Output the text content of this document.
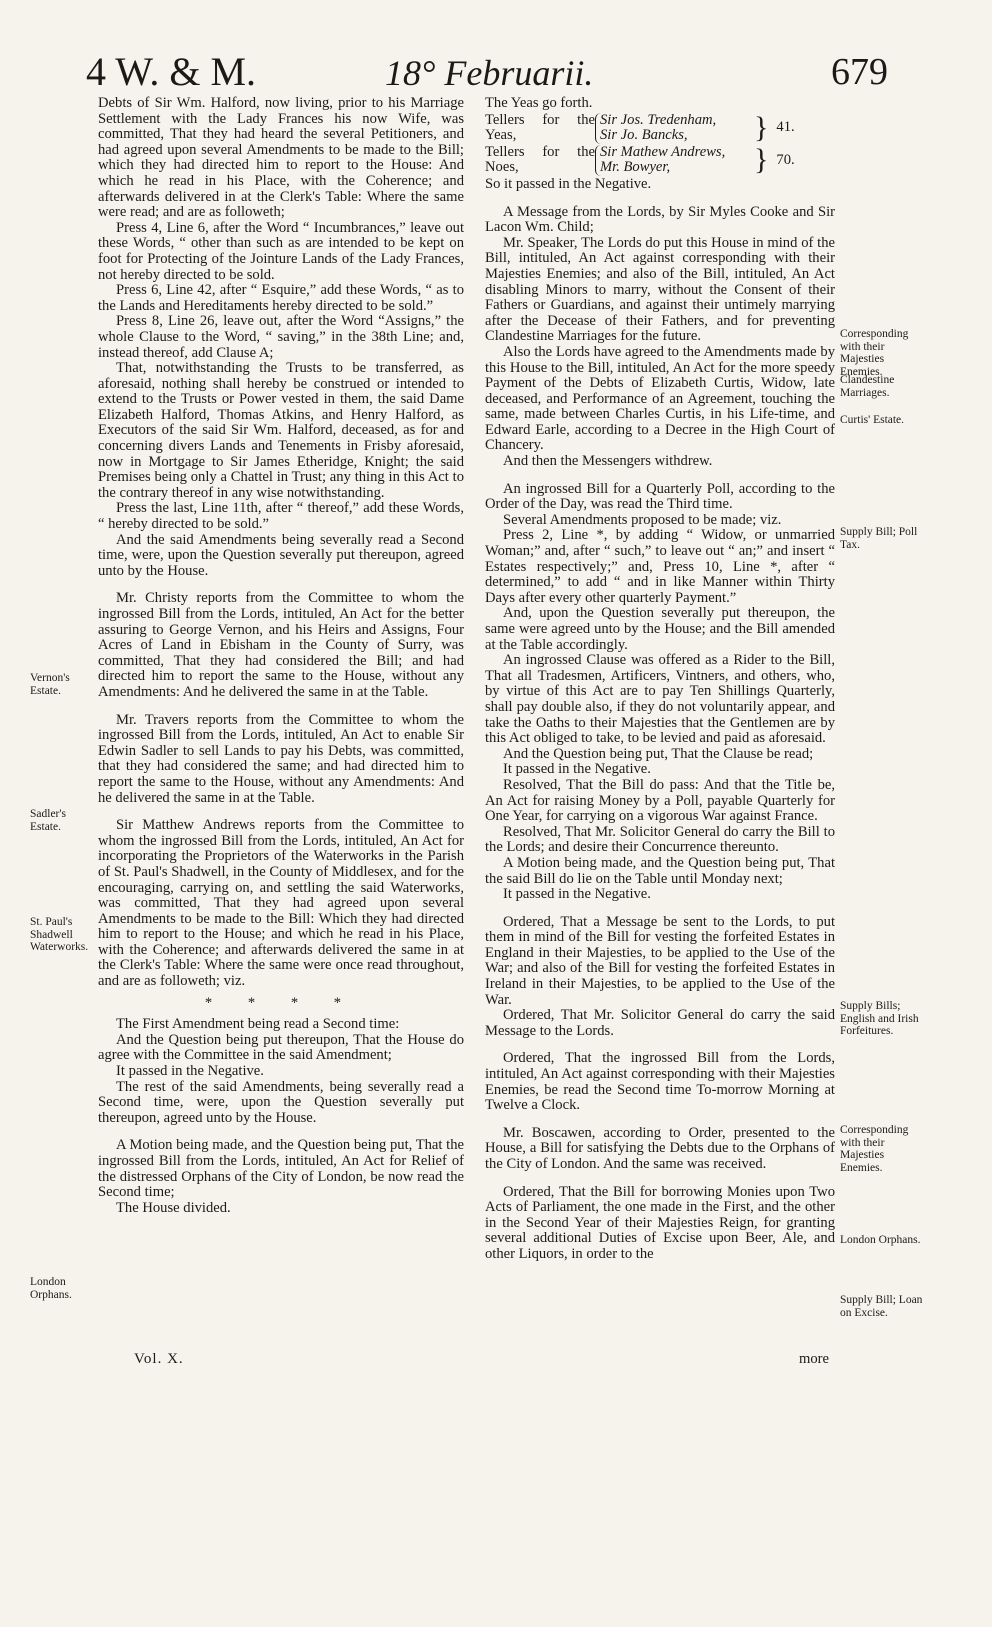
4 W. & M.	18° Februarii.	679

Debts of Sir Wm. Halford, now living, prior to his Marriage Settlement with the Lady Frances his now Wife, was committed, That they had heard the several Petitioners, and had agreed upon several Amendments to be made to the Bill; which they had directed him to report to the House: And which he read in his Place, with the Coherence; and afterwards delivered in at the Clerk's Table: Where the same were read; and are as followeth;

Press 4, Line 6, after the Word “ Incumbrances,” leave out these Words, “ other than such as are intended to be kept on foot for Protecting of the Jointure Lands of the Lady Frances, not hereby directed to be sold.

Press 6, Line 42, after “ Esquire,” add these Words, “ as to the Lands and Hereditaments hereby directed to be sold.”

Press 8, Line 26, leave out, after the Word “Assigns,” the whole Clause to the Word, “ saving,” in the 38th Line; and, instead thereof, add Clause A;

That, notwithstanding the Trusts to be transferred, as aforesaid, nothing shall hereby be construed or intended to extend to the Trusts or Power vested in them, the said Dame Elizabeth Halford, Thomas Atkins, and Henry Halford, as Executors of the said Sir Wm. Halford, deceased, as for and concerning divers Lands and Tenements in Frisby aforesaid, now in Mortgage to Sir James Etheridge, Knight; the said Premises being only a Chattel in Trust; any thing in this Act to the contrary thereof in any wise notwithstanding.

Press the last, Line 11th, after “ thereof,” add these Words, “ hereby directed to be sold.”

And the said Amendments being severally read a Second time, were, upon the Question severally put thereupon, agreed unto by the House.

Mr. Christy reports from the Committee to whom the ingrossed Bill from the Lords, intituled, An Act for the better assuring to George Vernon, and his Heirs and Assigns, Four Acres of Land in Ebisham in the County of Surry, was committed, That they had considered the Bill; and had directed him to report the same to the House, without any Amendments: And he delivered the same in at the Table.

Mr. Travers reports from the Committee to whom the ingrossed Bill from the Lords, intituled, An Act to enable Sir Edwin Sadler to sell Lands to pay his Debts, was committed, that they had considered the same; and had directed him to report the same to the House, without any Amendments: And he delivered the same in at the Table.

Sir Matthew Andrews reports from the Committee to whom the ingrossed Bill from the Lords, intituled, An Act for incorporating the Proprietors of the Waterworks in the Parish of St. Paul's Shadwell, in the County of Middlesex, and for the encouraging, carrying on, and settling the said Waterworks, was committed, That they had agreed upon several Amendments to be made to the Bill: Which they had directed him to report to the House; and which he read in his Place, with the Coherence; and afterwards delivered the same in at the Clerk's Table: Where the same were once read throughout, and are as followeth; viz.

* * * *

The First Amendment being read a Second time:

And the Question being put thereupon, That the House do agree with the Committee in the said Amendment;

It passed in the Negative.

The rest of the said Amendments, being severally read a Second time, were, upon the Question severally put thereupon, agreed unto by the House.

A Motion being made, and the Question being put, That the ingrossed Bill from the Lords, intituled, An Act for Relief of the distressed Orphans of the City of London, be now read the Second time;

The House divided.

Vernon's Estate.
Sadler's Estate.
St. Paul's Shadwell Waterworks.
London Orphans.

The Yeas go forth.

Tellers for the Yeas,
Sir Jos. Tredenham,
Sir Jo. Bancks,	} 41.
Tellers for the Noes,
Sir Mathew Andrews,
Mr. Bowyer,	} 70.

So it passed in the Negative.

A Message from the Lords, by Sir Myles Cooke and Sir Lacon Wm. Child;

Mr. Speaker, The Lords do put this House in mind of the Bill, intituled, An Act against corresponding with their Majesties Enemies; and also of the Bill, intituled, An Act disabling Minors to marry, without the Consent of their Fathers or Guardians, and against their untimely marrying after the Decease of their Fathers, and for preventing Clandestine Marriages for the future.

Also the Lords have agreed to the Amendments made by this House to the Bill, intituled, An Act for the more speedy Payment of the Debts of Elizabeth Curtis, Widow, late deceased, and Performance of an Agreement, touching the same, made between Charles Curtis, in his Life-time, and Edward Earle, according to a Decree in the High Court of Chancery.

And then the Messengers withdrew.

An ingrossed Bill for a Quarterly Poll, according to the Order of the Day, was read the Third time.

Several Amendments proposed to be made; viz.

Press 2, Line *, by adding “ Widow, or unmarried Woman;” and, after “ such,” to leave out “ an;” and insert “ Estates respectively;” and, Press 10, Line *, after “ determined,” to add “ and in like Manner within Thirty Days after every other quarterly Payment.”

And, upon the Question severally put thereupon, the same were agreed unto by the House; and the Bill amended at the Table accordingly.

An ingrossed Clause was offered as a Rider to the Bill, That all Tradesmen, Artificers, Vintners, and others, who, by virtue of this Act are to pay Ten Shillings Quarterly, shall pay double also, if they do not voluntarily appear, and take the Oaths to their Majesties that the Gentlemen are by this Act obliged to take, to be levied and paid as aforesaid.

And the Question being put, That the Clause be read;

It passed in the Negative.

Resolved, That the Bill do pass: And that the Title be, An Act for raising Money by a Poll, payable Quarterly for One Year, for carrying on a vigorous War against France.

Resolved, That Mr. Solicitor General do carry the Bill to the Lords; and desire their Concurrence thereunto.

A Motion being made, and the Question being put, That the said Bill do lie on the Table until Monday next;

It passed in the Negative.

Ordered, That a Message be sent to the Lords, to put them in mind of the Bill for vesting the forfeited Estates in England in their Majesties, to be applied to the Use of the War; and also of the Bill for vesting the forfeited Estates in Ireland in their Majesties, to be applied to the Use of the War.

Ordered, That Mr. Solicitor General do carry the said Message to the Lords.

Ordered, That the ingrossed Bill from the Lords, intituled, An Act against corresponding with their Majesties Enemies, be read the Second time To-morrow Morning at Twelve a Clock.

Mr. Boscawen, according to Order, presented to the House, a Bill for satisfying the Debts due to the Orphans of the City of London. And the same was received.

Ordered, That the Bill for borrowing Monies upon Two Acts of Parliament, the one made in the First, and the other in the Second Year of their Majesties Reign, for granting several additional Duties of Excise upon Beer, Ale, and other Liquors, in order to the

Corresponding with their Majesties Enemies.
Clandestine Marriages.
Curtis' Estate.
Supply Bill; Poll Tax.
Supply Bills; English and Irish Forfeitures.
Corresponding with their Majesties Enemies.
London Orphans.
Supply Bill; Loan on Excise.
Vol. X.	more
